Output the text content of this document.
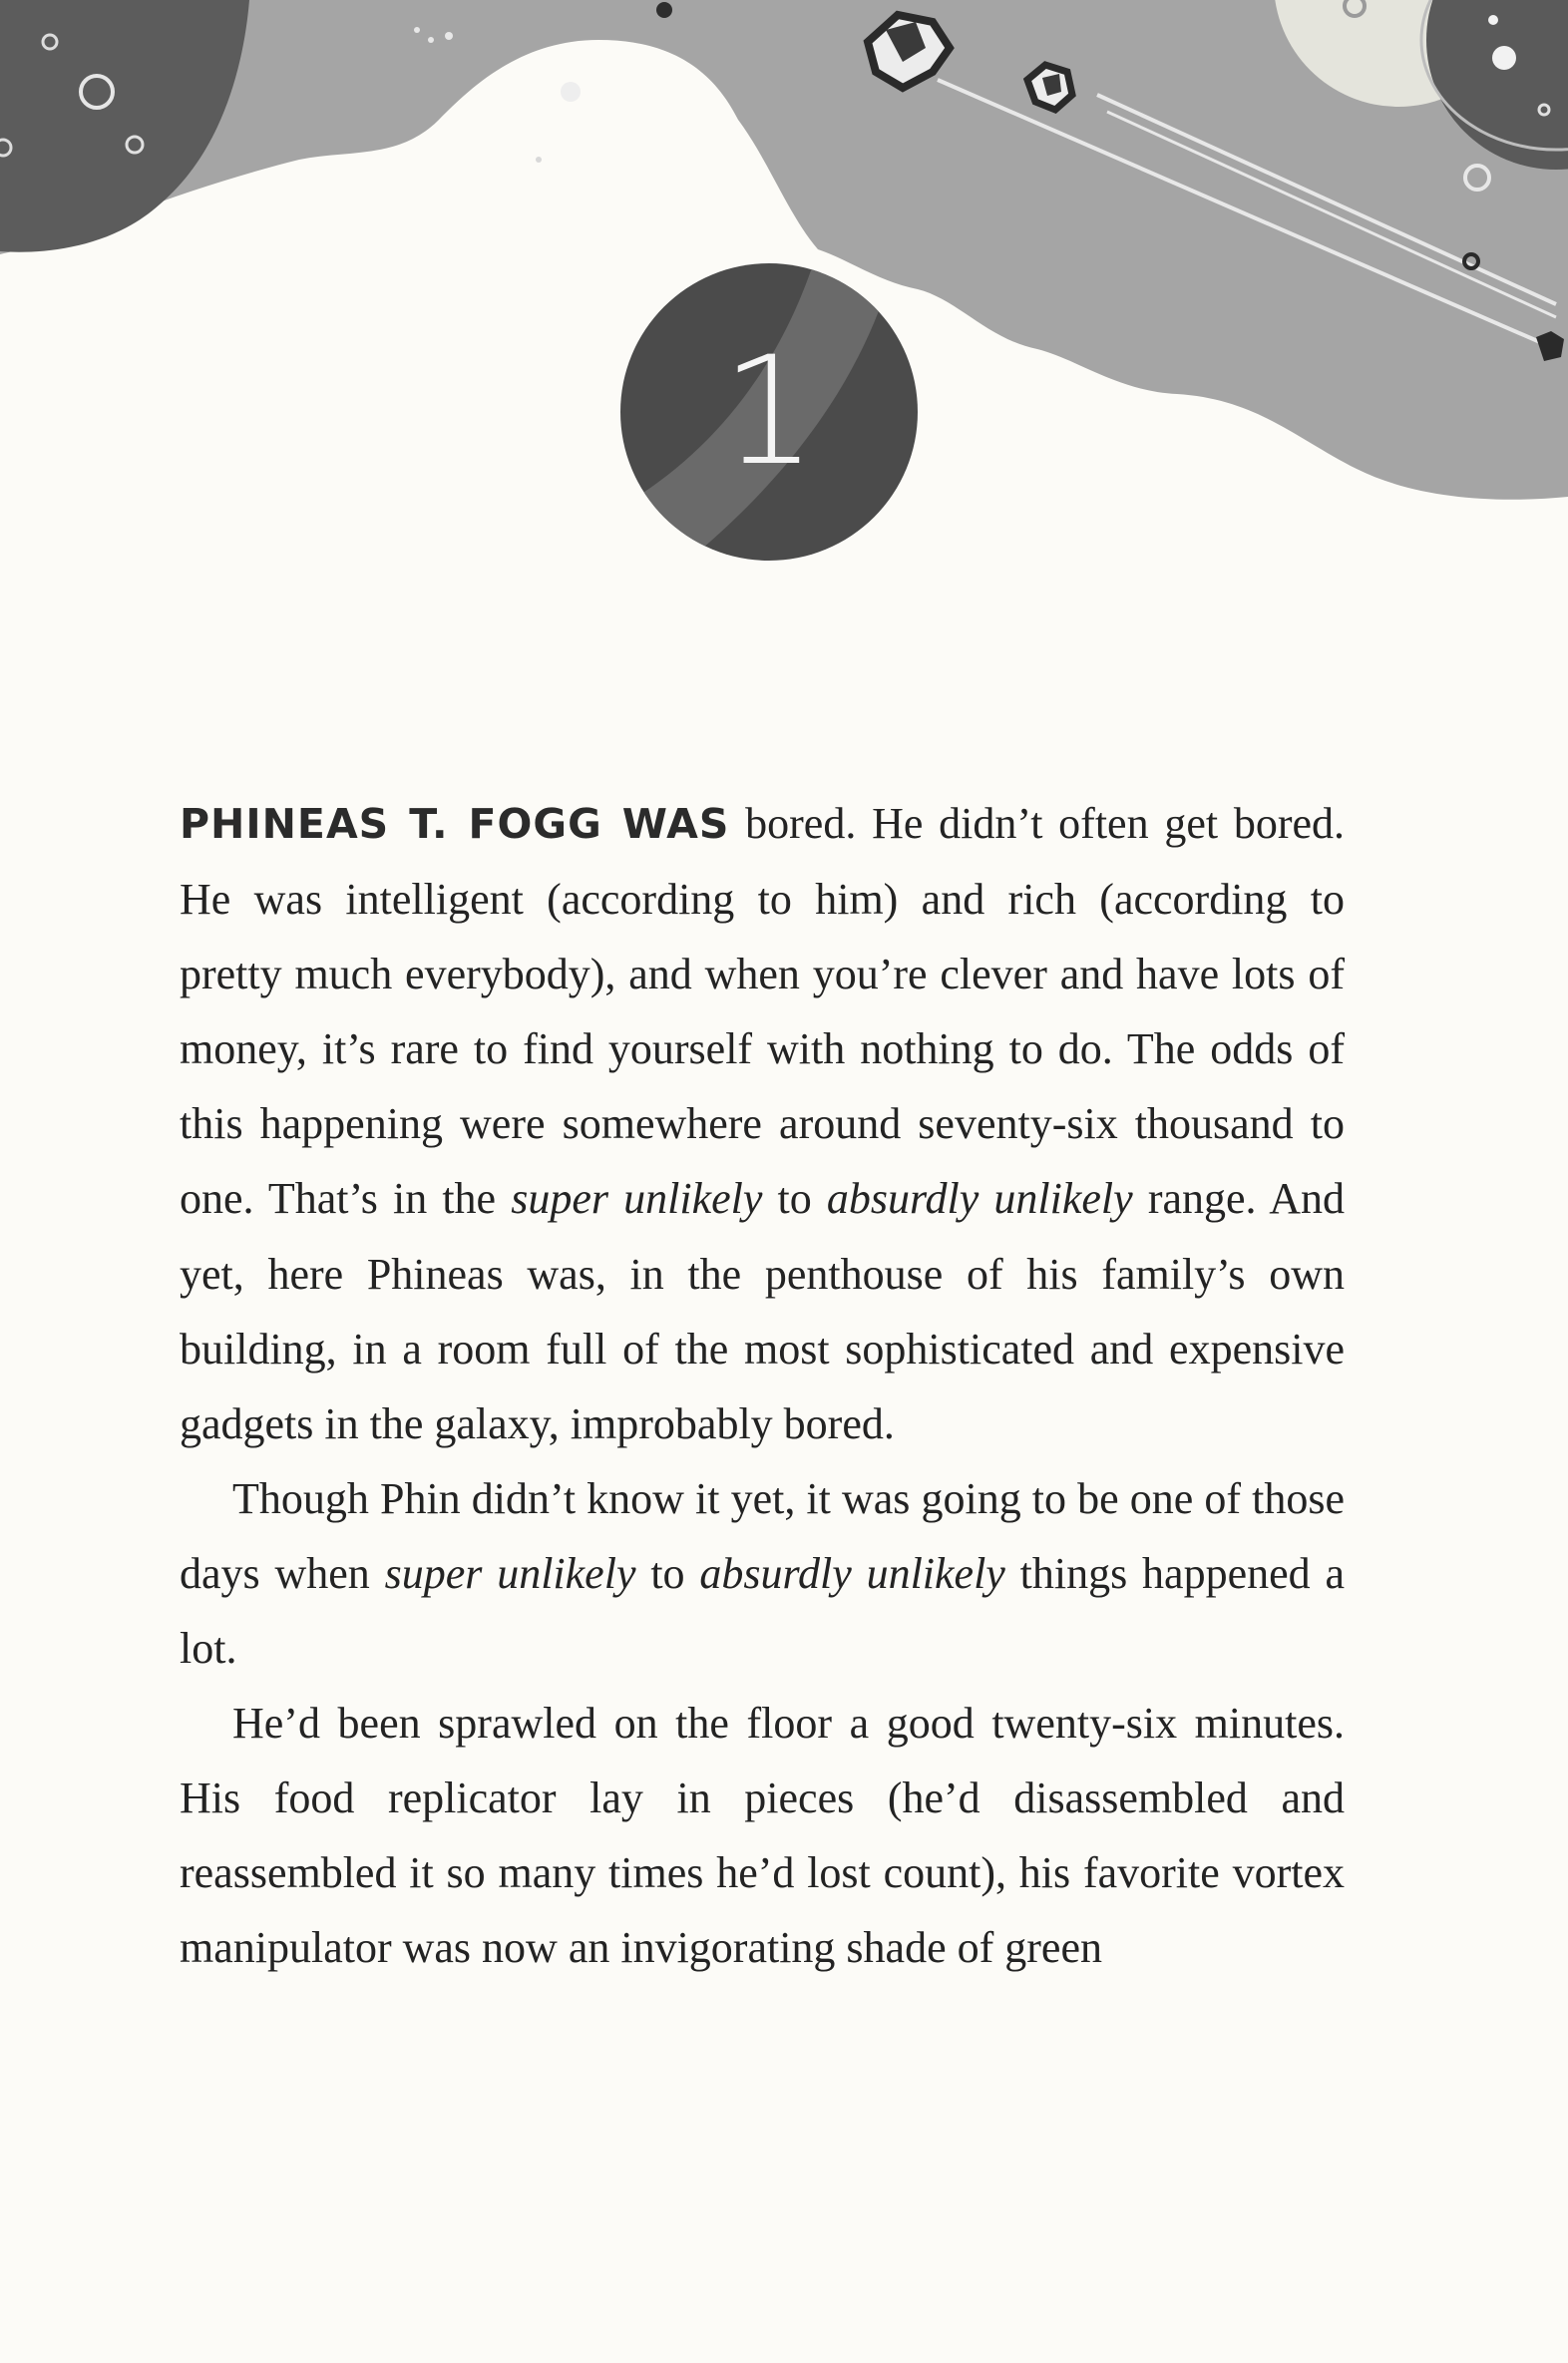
1

PHINEAS T. FOGG WAS bored. He didn’t often get bored. He was intelligent (according to him) and rich (according to pretty much everybody), and when you’re clever and have lots of money, it’s rare to find yourself with nothing to do. The odds of this happening were somewhere around seventy-six thousand to one. That’s in the super unlikely to absurdly unlikely range. And yet, here Phineas was, in the penthouse of his family’s own building, in a room full of the most sophisticated and expensive gadgets in the galaxy, improbably bored.

Though Phin didn’t know it yet, it was going to be one of those days when super unlikely to absurdly unlikely things happened a lot.

He’d been sprawled on the floor a good twenty-six minutes. His food replicator lay in pieces (he’d disassembled and reassembled it so many times he’d lost count), his favorite vortex manipulator was now an invigorating shade of green
